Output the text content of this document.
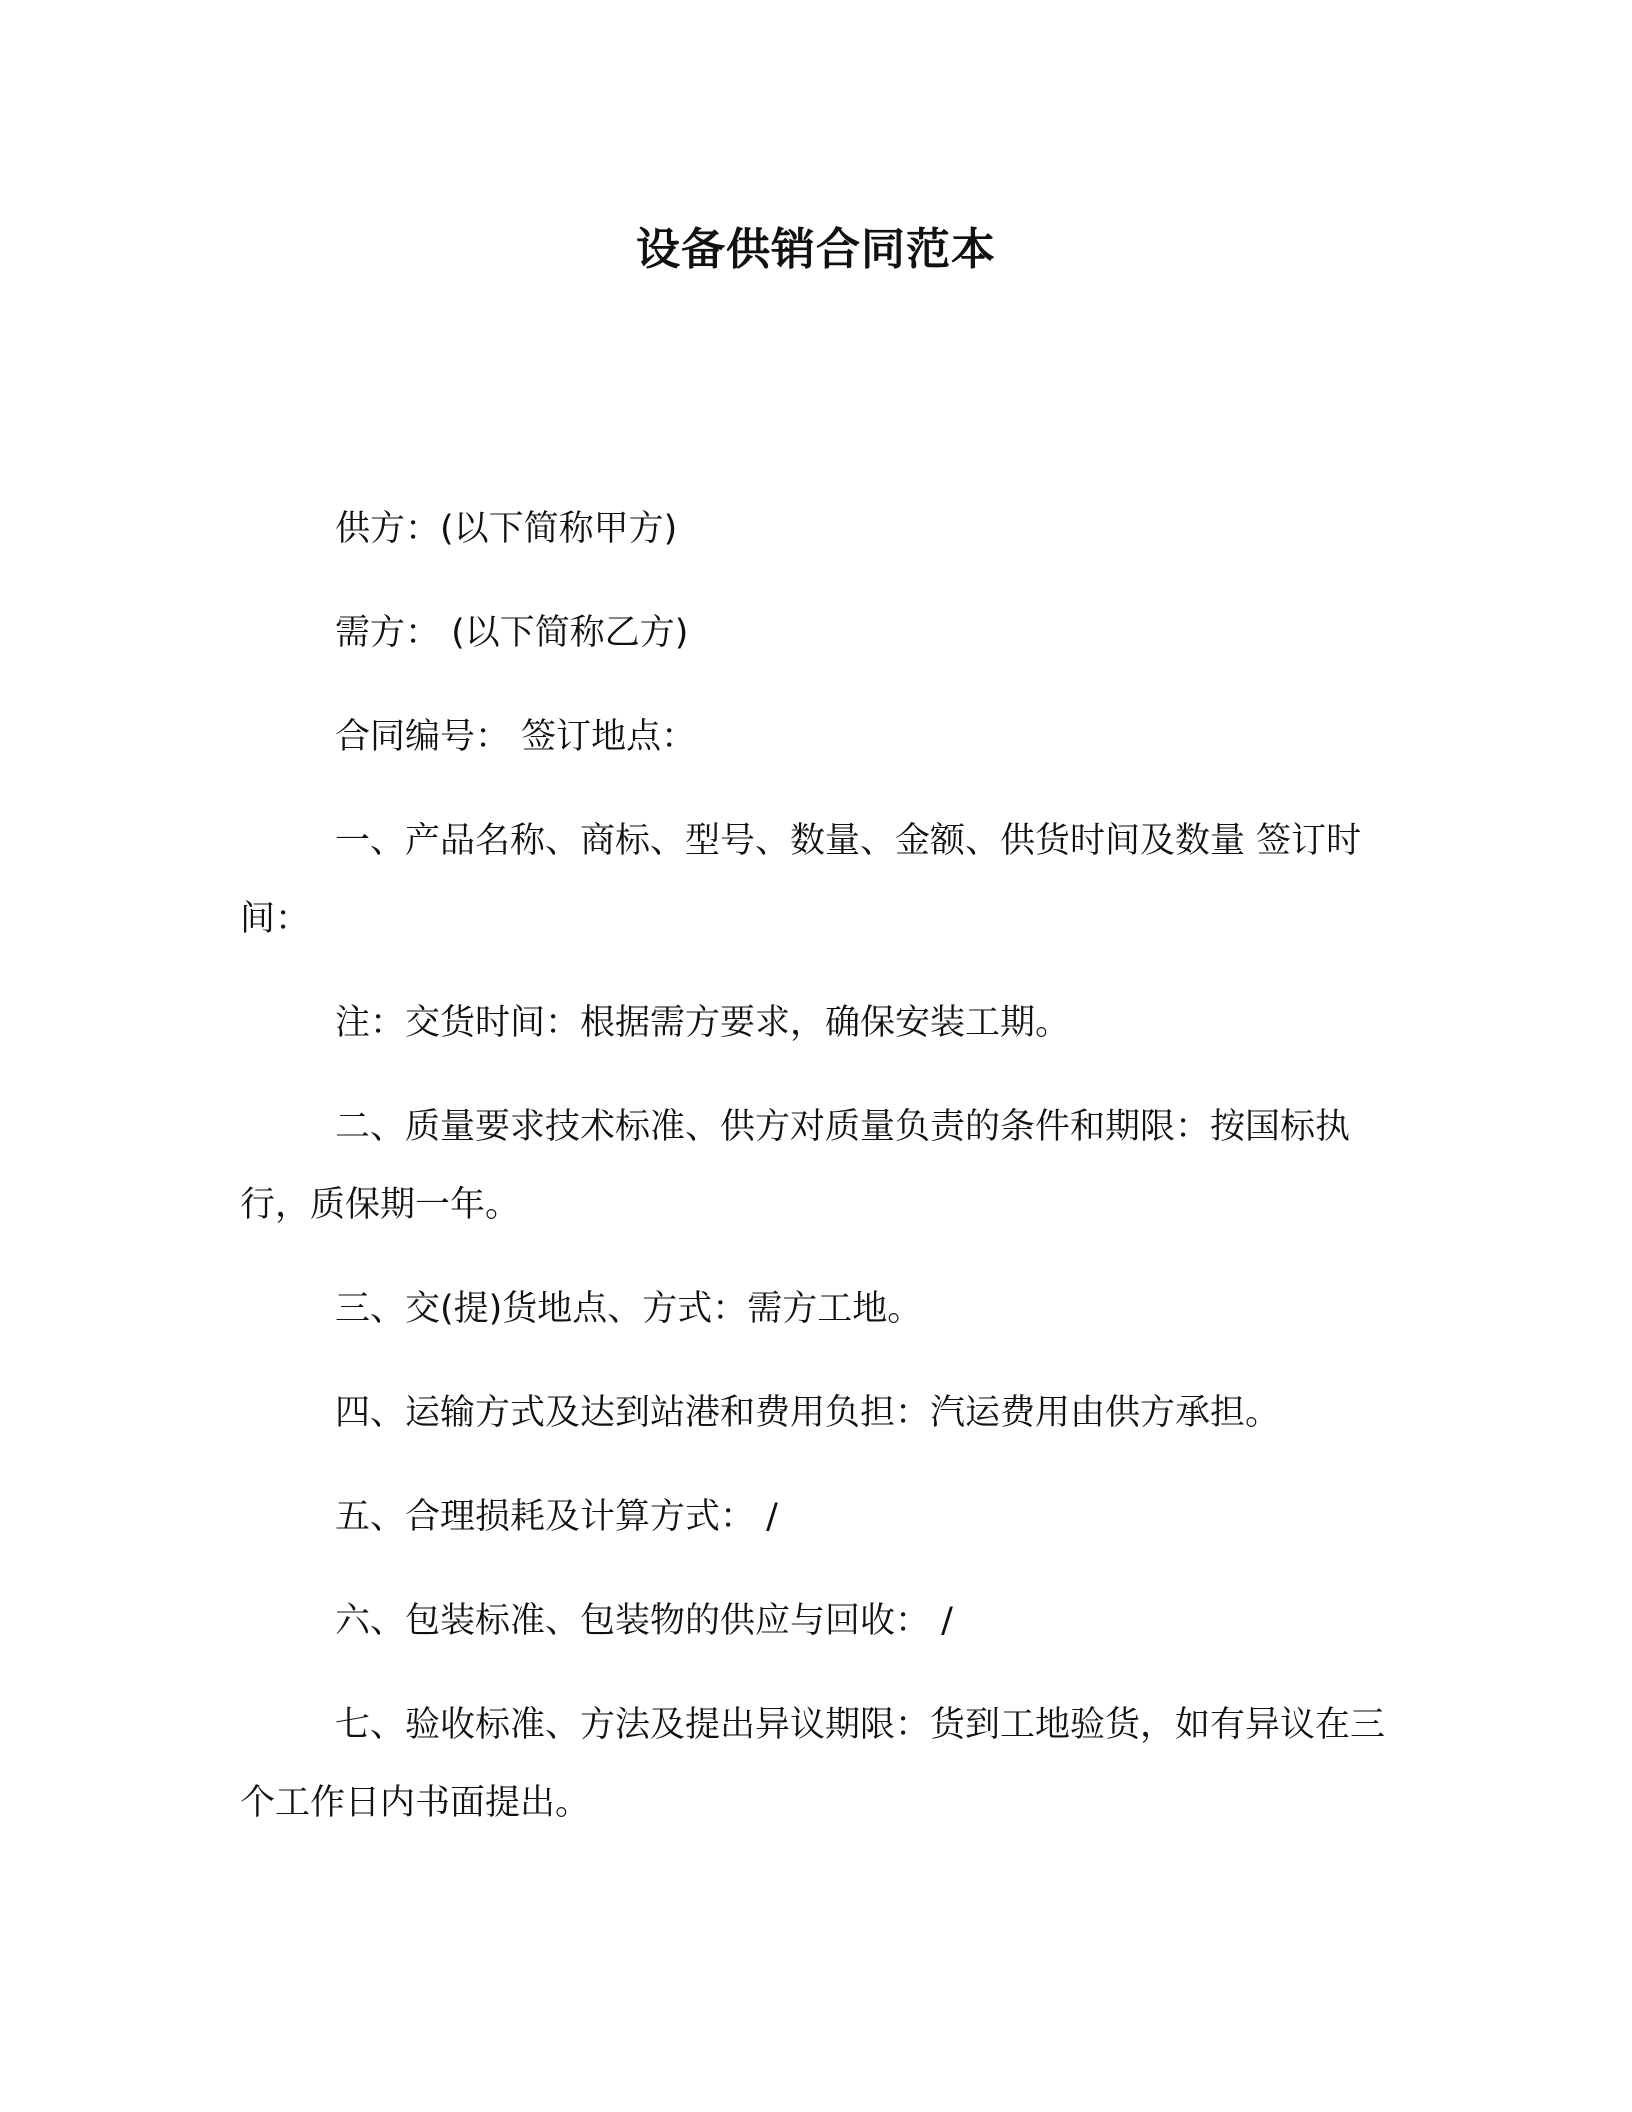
设备供销合同范本

供方：(以下简称甲方)

需方： (以下简称乙方)

合同编号： 签订地点：

一、产品名称、商标、型号、数量、金额、供货时间及数量 签订时间：

注：交货时间：根据需方要求，确保安装工期。

二、质量要求技术标准、供方对质量负责的条件和期限：按国标执行，质保期一年。

三、交(提)货地点、方式：需方工地。

四、运输方式及达到站港和费用负担：汽运费用由供方承担。

五、合理损耗及计算方式： /

六、包装标准、包装物的供应与回收： /

七、验收标准、方法及提出异议期限：货到工地验货，如有异议在三个工作日内书面提出。
